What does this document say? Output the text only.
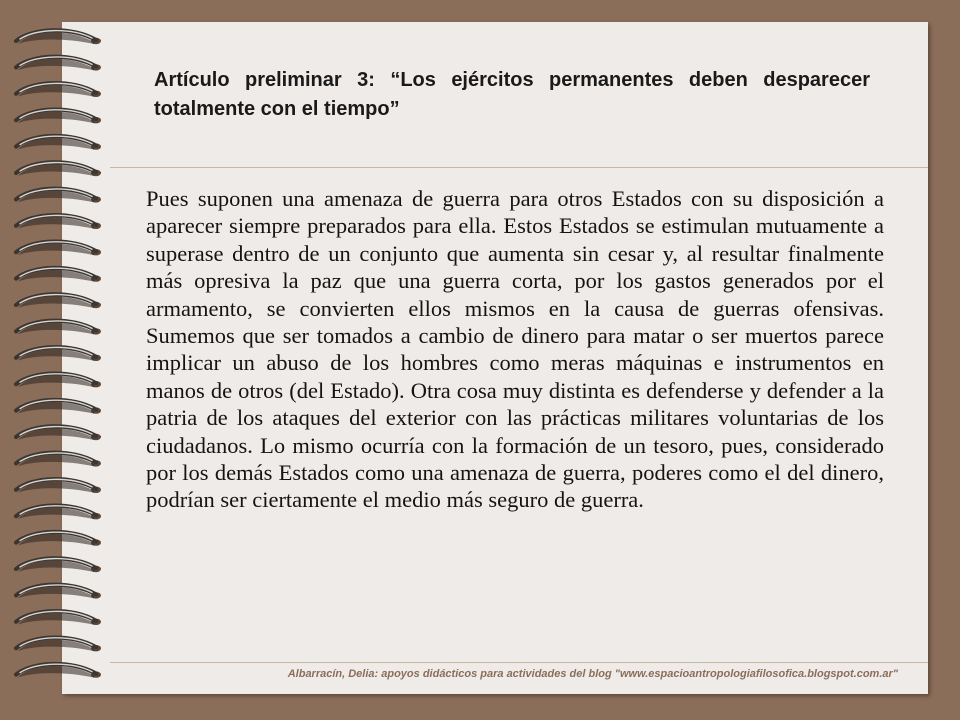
Artículo preliminar 3: “Los ejércitos permanentes deben desparecer totalmente con el tiempo”

Pues suponen una amenaza de guerra para otros Estados con su disposición a aparecer siempre preparados para ella. Estos Estados se estimulan mutuamente a superase dentro de un conjunto que aumenta sin cesar y, al resultar finalmente más opresiva la paz que una guerra corta, por los gastos generados por el armamento, se convierten ellos mismos en la causa de guerras ofensivas. Sumemos que ser tomados a cambio de dinero para matar o ser muertos parece implicar un abuso de los hombres como meras máquinas e instrumentos en manos de otros (del Estado). Otra cosa muy distinta es defenderse y defender a la patria de los ataques del exterior con las prácticas militares voluntarias de los ciudadanos. Lo mismo ocurría con la formación de un tesoro, pues, considerado por los demás Estados como una amenaza de guerra, poderes como el del dinero, podrían ser ciertamente el medio más seguro de guerra.

Albarracín, Delia: apoyos didácticos para actividades del blog "www.espacioantropologiafilosofica.blogspot.com.ar"
